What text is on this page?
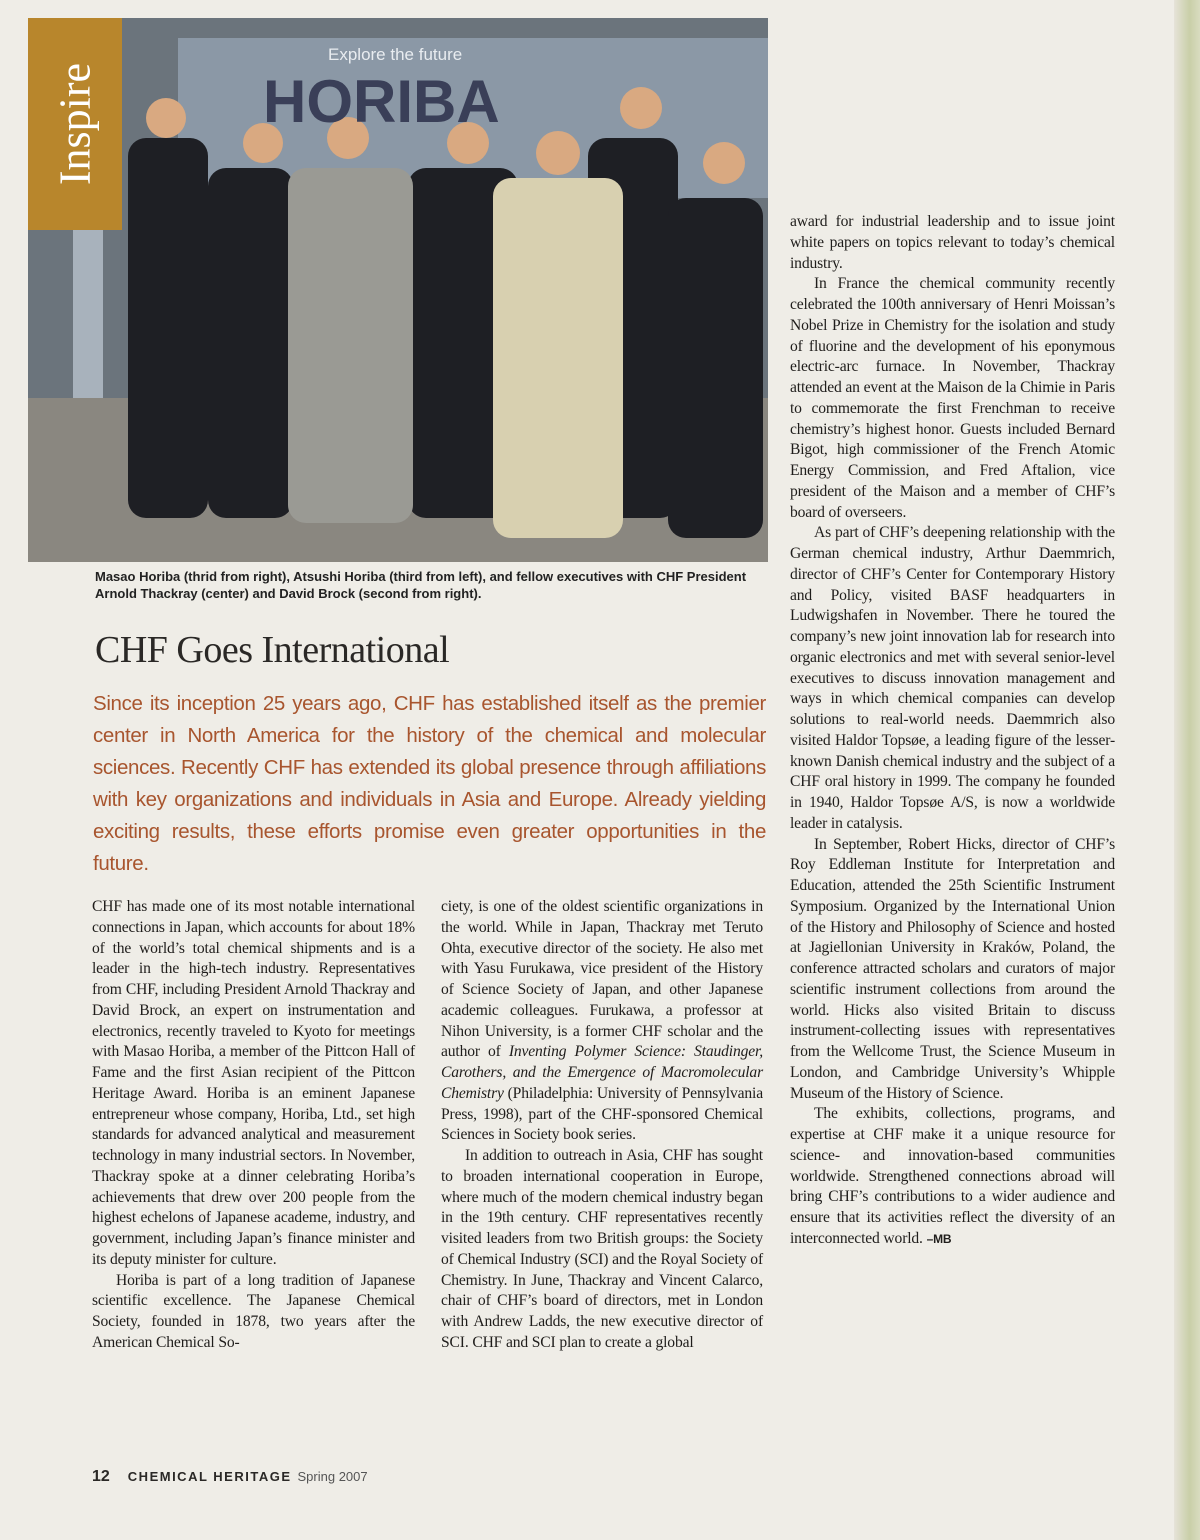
HORIBA
Explore the future
Inspire
Masao Horiba (thrid from right), Atsushi Horiba (third from left), and fellow executives with CHF President Arnold Thackray (center) and David Brock (second from right).
CHF Goes International
Since its inception 25 years ago, CHF has established itself as the premier center in North America for the history of the chemical and molecular sciences. Recently CHF has extended its global presence through affiliations with key organizations and individuals in Asia and Europe. Already yielding exciting results, these efforts promise even greater opportunities in the future.

CHF has made one of its most notable international connections in Japan, which accounts for about 18% of the world’s total chemical shipments and is a leader in the high-tech industry. Representatives from CHF, including President Arnold Thackray and David Brock, an expert on instrumentation and electronics, recently traveled to Kyoto for meetings with Masao Horiba, a member of the Pittcon Hall of Fame and the first Asian recipient of the Pittcon Heritage Award. Horiba is an eminent Japanese entrepreneur whose company, Horiba, Ltd., set high standards for advanced analytical and measurement technology in many industrial sectors. In November, Thackray spoke at a dinner celebrating Horiba’s achievements that drew over 200 people from the highest echelons of Japanese academe, industry, and government, including Japan’s finance minister and its deputy minister for culture.

Horiba is part of a long tradition of Japanese scientific excellence. The Japanese Chemical Society, founded in 1878, two years after the American Chemical So-

ciety, is one of the oldest scientific organizations in the world. While in Japan, Thackray met Teruto Ohta, executive director of the society. He also met with Yasu Furukawa, vice president of the History of Science Society of Japan, and other Japanese academic colleagues. Furukawa, a professor at Nihon University, is a former CHF scholar and the author of Inventing Polymer Science: Staudinger, Carothers, and the Emergence of Macromolecular Chemistry (Philadelphia: University of Pennsylvania Press, 1998), part of the CHF-sponsored Chemical Sciences in Society book series.

In addition to outreach in Asia, CHF has sought to broaden international cooperation in Europe, where much of the modern chemical industry began in the 19th century. CHF representatives recently visited leaders from two British groups: the Society of Chemical Industry (SCI) and the Royal Society of Chemistry. In June, Thackray and Vincent Calarco, chair of CHF’s board of directors, met in London with Andrew Ladds, the new executive director of SCI. CHF and SCI plan to create a global

award for industrial leadership and to issue joint white papers on topics relevant to today’s chemical industry.

In France the chemical community recently celebrated the 100th anniversary of Henri Moissan’s Nobel Prize in Chemistry for the isolation and study of fluorine and the development of his eponymous electric-arc furnace. In November, Thackray attended an event at the Maison de la Chimie in Paris to commemorate the first Frenchman to receive chemistry’s highest honor. Guests included Bernard Bigot, high commissioner of the French Atomic Energy Commission, and Fred Aftalion, vice president of the Maison and a member of CHF’s board of overseers.

As part of CHF’s deepening relationship with the German chemical industry, Arthur Daemmrich, director of CHF’s Center for Contemporary History and Policy, visited BASF headquarters in Ludwigshafen in November. There he toured the company’s new joint innovation lab for research into organic electronics and met with several senior-level executives to discuss innovation management and ways in which chemical companies can develop solutions to real-world needs. Daemmrich also visited Haldor Topsøe, a leading figure of the lesser-known Danish chemical industry and the subject of a CHF oral history in 1999. The company he founded in 1940, Haldor Topsøe A/S, is now a worldwide leader in catalysis.

In September, Robert Hicks, director of CHF’s Roy Eddleman Institute for Interpretation and Education, attended the 25th Scientific Instrument Symposium. Organized by the International Union of the History and Philosophy of Science and hosted at Jagiellonian University in Kraków, Poland, the conference attracted scholars and curators of major scientific instrument collections from around the world. Hicks also visited Britain to discuss instrument-collecting issues with representatives from the Wellcome Trust, the Science Museum in London, and Cambridge University’s Whipple Museum of the History of Science.

The exhibits, collections, programs, and expertise at CHF make it a unique resource for science- and innovation-based communities worldwide. Strengthened connections abroad will bring CHF’s contributions to a wider audience and ensure that its activities reflect the diversity of an interconnected world. –MB

12 CHEMICAL HERITAGE Spring 2007
